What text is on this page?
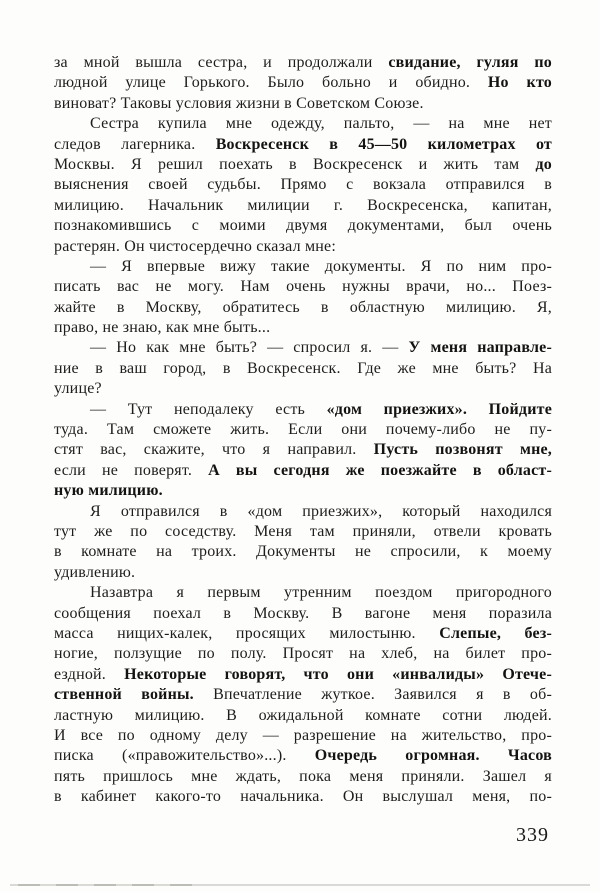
за мной вышла сестра, и продолжали свидание, гуляя по
людной улице Горького. Было больно и обидно. Но кто
виноват? Таковы условия жизни в Советском Союзе.
Сестра купила мне одежду, пальто, — на мне нет
следов лагерника. Воскресенск в 45—50 километрах от
Москвы. Я решил поехать в Воскресенск и жить там до
выяснения своей судьбы. Прямо с вокзала отправился в
милицию. Начальник милиции г. Воскресенска, капитан,
познакомившись с моими двумя документами, был очень
растерян. Он чистосердечно сказал мне:
— Я впервые вижу такие документы. Я по ним про-
писать вас не могу. Нам очень нужны врачи, но... Поез-
жайте в Москву, обратитесь в областную милицию. Я,
право, не знаю, как мне быть...
— Но как мне быть? — спросил я. — У меня направле-
ние в ваш город, в Воскресенск. Где же мне быть? На
улице?
— Тут неподалеку есть «дом приезжих». Пойдите
туда. Там сможете жить. Если они почему-либо не пу-
стят вас, скажите, что я направил. Пусть позвонят мне,
если не поверят. А вы сегодня же поезжайте в област-
ную милицию.
Я отправился в «дом приезжих», который находился
тут же по соседству. Меня там приняли, отвели кровать
в комнате на троих. Документы не спросили, к моему
удивлению.
Назавтра я первым утренним поездом пригородного
сообщения поехал в Москву. В вагоне меня поразила
масса нищих-калек, просящих милостыню. Слепые, без-
ногие, ползущие по полу. Просят на хлеб, на билет про-
ездной. Некоторые говорят, что они «инвалиды» Отече-
ственной войны. Впечатление жуткое. Заявился я в об-
ластную милицию. В ожидальной комнате сотни людей.
И все по одному делу — разрешение на жительство, про-
писка («правожительство»...). Очередь огромная. Часов
пять пришлось мне ждать, пока меня приняли. Зашел я
в кабинет какого-то начальника. Он выслушал меня, по-
339
